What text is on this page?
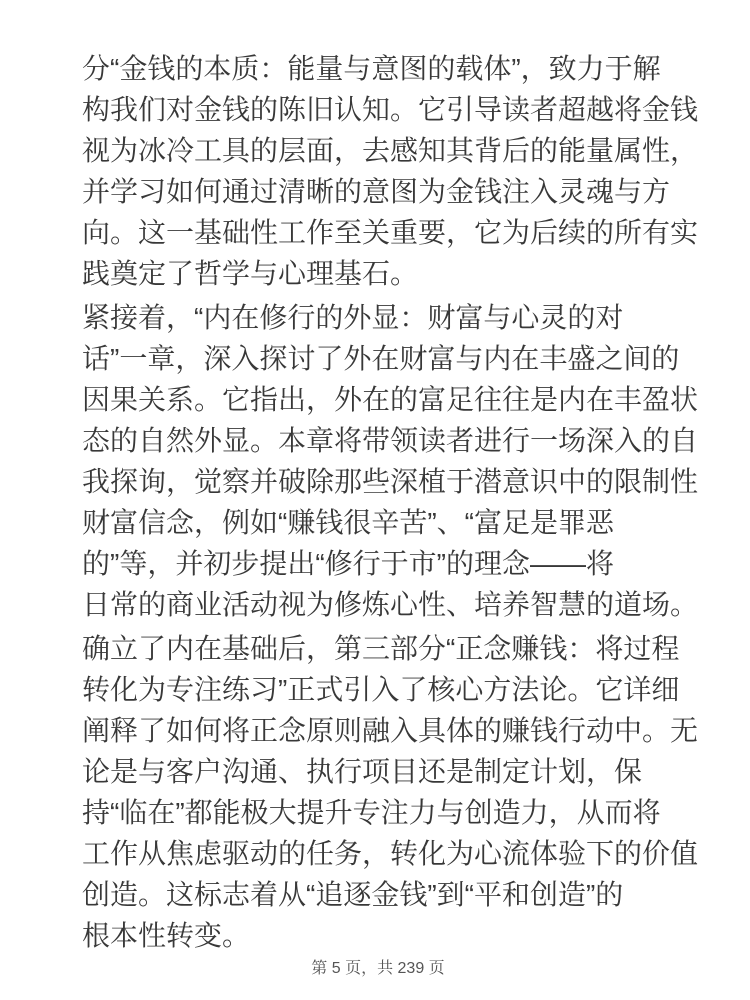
分“金钱的本质：能量与意图的载体”，致力于解
构我们对金钱的陈旧认知。它引导读者超越将金钱
视为冰冷工具的层面，去感知其背后的能量属性，
并学习如何通过清晰的意图为金钱注入灵魂与方
向。这一基础性工作至关重要，它为后续的所有实
践奠定了哲学与心理基石。

紧接着，“内在修行的外显：财富与心灵的对
话”一章，深入探讨了外在财富与内在丰盛之间的
因果关系。它指出，外在的富足往往是内在丰盈状
态的自然外显。本章将带领读者进行一场深入的自
我探询，觉察并破除那些深植于潜意识中的限制性
财富信念，例如“赚钱很辛苦”、“富足是罪恶
的”等，并初步提出“修行于市”的理念——将
日常的商业活动视为修炼心性、培养智慧的道场。

确立了内在基础后，第三部分“正念赚钱：将过程
转化为专注练习”正式引入了核心方法论。它详细
阐释了如何将正念原则融入具体的赚钱行动中。无
论是与客户沟通、执行项目还是制定计划，保
持“临在”都能极大提升专注力与创造力，从而将
工作从焦虑驱动的任务，转化为心流体验下的价值
创造。这标志着从“追逐金钱”到“平和创造”的
根本性转变。

第 5 页，共 239 页
